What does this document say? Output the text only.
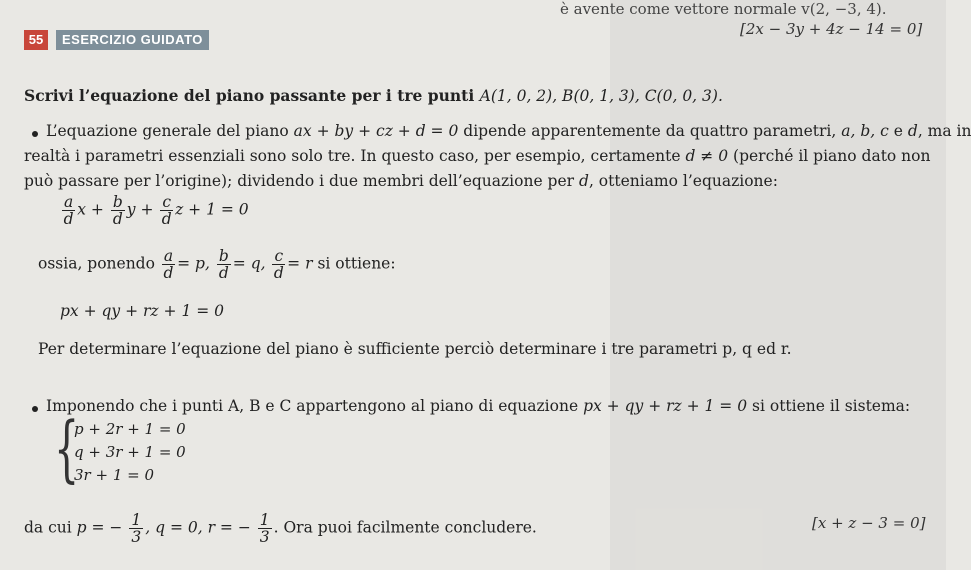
è avente come vettore normale v(2, −3, 4).
[2x − 3y + 4z − 14 = 0]
55	ESERCIZIO GUIDATO
Scrivi l’equazione del piano passante per i tre punti A(1, 0, 2), B(0, 1, 3), C(0, 0, 3).
L’equazione generale del piano ax + by + cz + d = 0 dipende apparentemente da quattro parametri, a, b, c e d, ma in
realtà i parametri essenziali sono solo tre. In questo caso, per esempio, certamente d ≠ 0 (perché il piano dato non
può passare per l’origine); dividendo i due membri dell’equazione per d, otteniamo l’equazione:
$\frac{a}{d}$ $x + \frac{b}{d}$ $y + \frac{c}{d}$ z + 1 = 0
ossia, ponendo $\frac{a}{d} = p$, $\frac{b}{d} = q$, $\frac{c}{d} = r$ si ottiene:
px + qy + rz + 1 = 0
Per determinare l’equazione del piano è sufficiente perciò determinare i tre parametri p, q ed r.
Imponendo che i punti A, B e C appartengono al piano di equazione px + qy + rz + 1 = 0 si ottiene il sistema:
{
p + 2r + 1 = 0
q + 3r + 1 = 0
3r + 1 = 0
da cui p = − $\frac{1}{3}$ , q = 0, r = − $\frac{1}{3}$ . Ora puoi facilmente concludere.	[x + z − 3 = 0]
